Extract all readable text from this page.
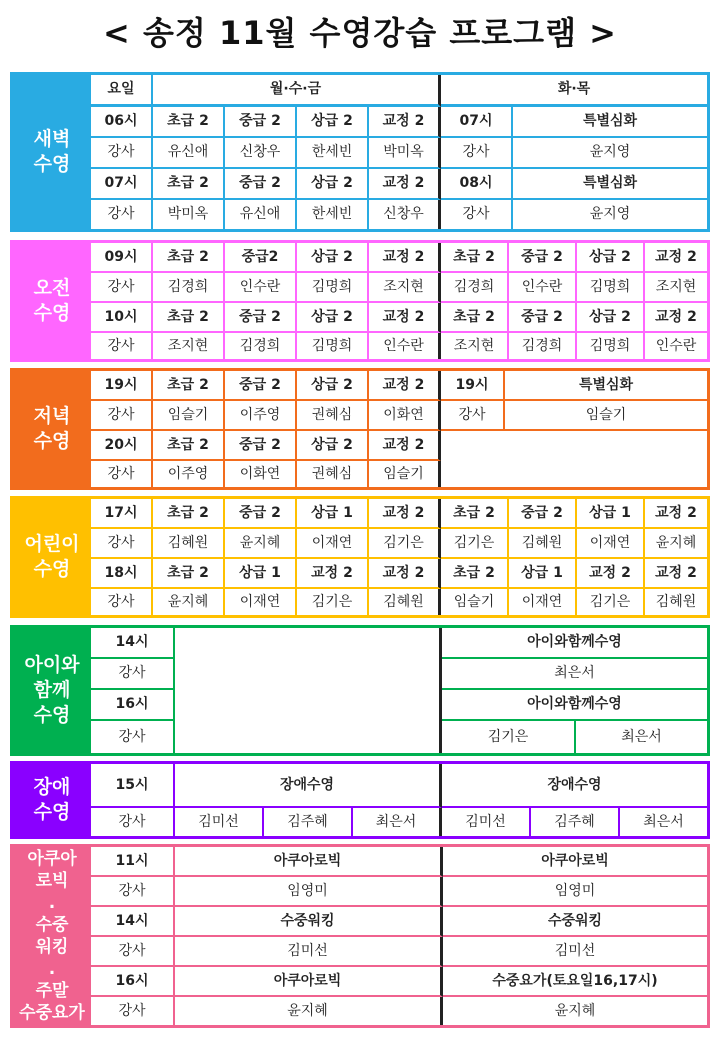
< 송정 11월 수영강습 프로그램 >
새벽
수영
요일	월·수·금	화·목
06시	초급 2	중급 2	상급 2	교정 2	07시	특별심화
강사	유신애	신창우	한세빈	박미옥	강사	윤지영
07시	초급 2	중급 2	상급 2	교정 2	08시	특별심화
강사	박미옥	유신애	한세빈	신창우	강사	윤지영
오전
수영
09시	초급 2	중급2	상급 2	교정 2	초급 2	중급 2	상급 2	교정 2
강사	김경희	인수란	김명희	조지현	김경희	인수란	김명희	조지현
10시	초급 2	중급 2	상급 2	교정 2	초급 2	중급 2	상급 2	교정 2
강사	조지현	김경희	김명희	인수란	조지현	김경희	김명희	인수란
저녁
수영
19시	초급 2	중급 2	상급 2	교정 2	19시	특별심화
강사	임슬기	이주영	권혜심	이화연	강사	임슬기
20시	초급 2	중급 2	상급 2	교정 2
강사	이주영	이화연	권혜심	임슬기
어린이
수영
17시	초급 2	중급 2	상급 1	교정 2	초급 2	중급 2	상급 1	교정 2
강사	김혜원	윤지혜	이재연	김기은	김기은	김혜원	이재연	윤지혜
18시	초급 2	상급 1	교정 2	교정 2	초급 2	상급 1	교정 2	교정 2
강사	윤지혜	이재연	김기은	김혜원	임슬기	이재연	김기은	김혜원
아이와
함께
수영
14시	아이와함께수영
강사	최은서
16시	아이와함께수영
강사	김기은	최은서
장애
수영
15시	장애수영	장애수영
강사	김미선	김주혜	최은서	김미선	김주혜	최은서
아쿠아
로빅
.
수중
워킹
.
주말
수중요가
11시	아쿠아로빅	아쿠아로빅
강사	임영미	임영미
14시	수중워킹	수중워킹
강사	김미선	김미선
16시	아쿠아로빅	수중요가(토요일16,17시)
강사	윤지혜	윤지혜
